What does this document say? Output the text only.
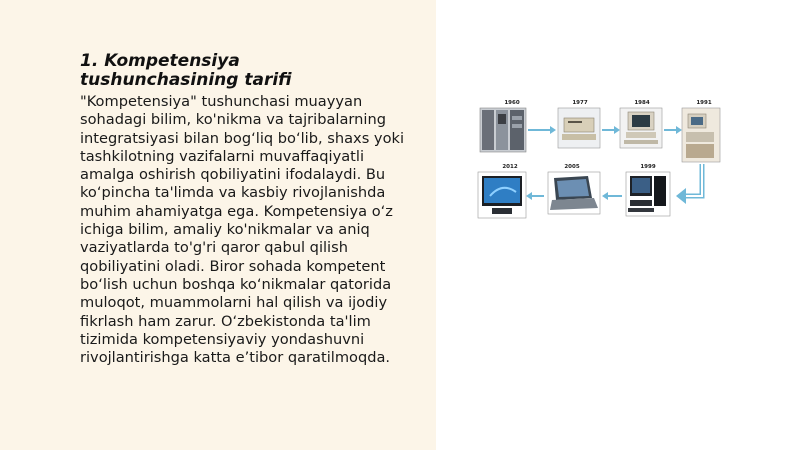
1. Kompetensiya tushunchasining tarifi

"Kompetensiya" tushunchasi muayyan sohadagi bilim, ko'nikma va tajribalarning integratsiyasi bilan bog‘liq bo‘lib, shaxs yoki tashkilotning vazifalarni muvaffaqiyatli amalga oshirish qobiliyatini ifodalaydi. Bu ko‘pincha ta'limda va kasbiy rivojlanishda muhim ahamiyatga ega. Kompetensiya o‘z ichiga bilim, amaliy ko'nikmalar va aniq vaziyatlarda to'g'ri qaror qabul qilish qobiliyatini oladi. Biror sohada kompetent bo‘lish uchun boshqa ko‘nikmalar qatorida muloqot, muammolarni hal qilish va ijodiy fikrlash ham zarur. O‘zbekistonda ta'lim tizimida kompetensiyaviy yondashuvni rivojlantirishga katta e’tibor qaratilmoqda.

1960	1977	1984	1991
2012	2005	1999
